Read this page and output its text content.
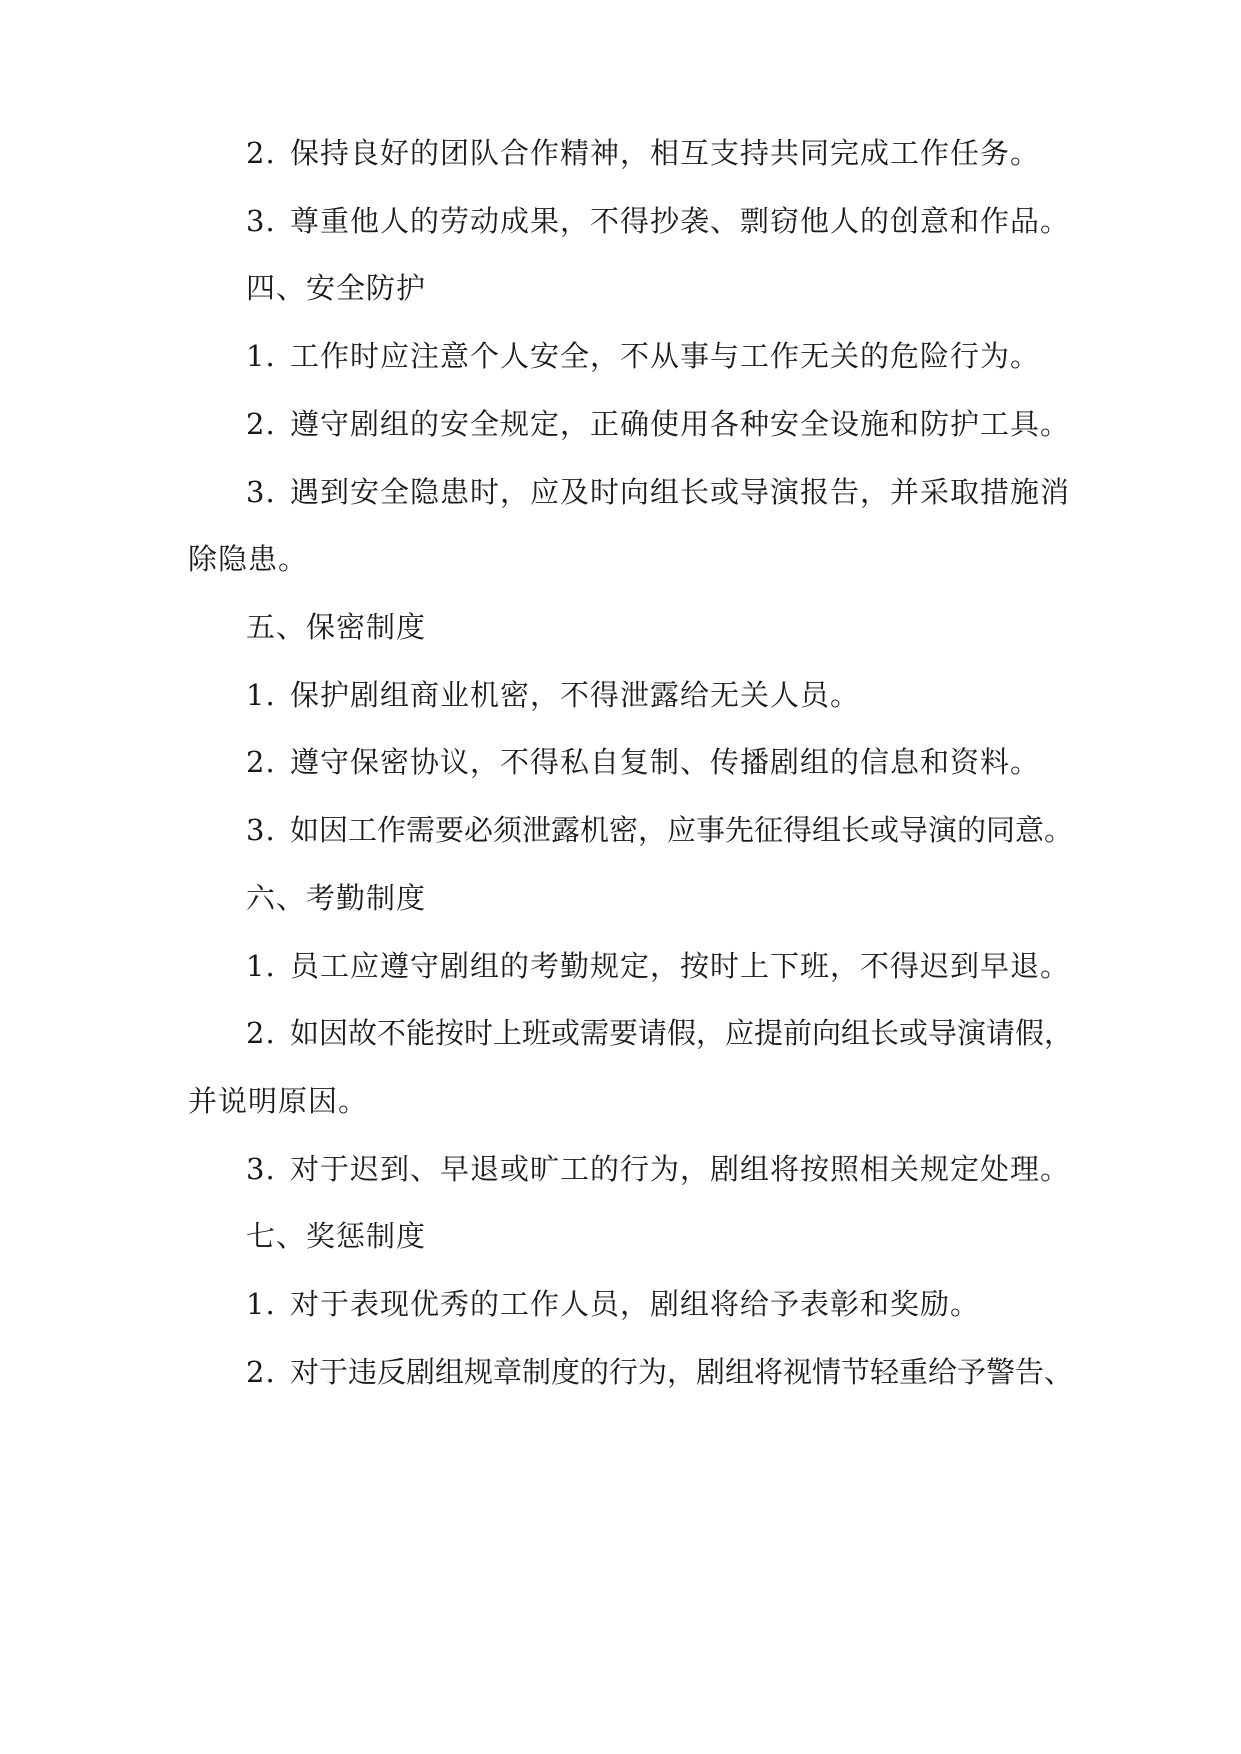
2. 保持良好的团队合作精神，相互支持共同完成工作任务。
3. 尊重他人的劳动成果，不得抄袭、剽窃他人的创意和作品。
四、安全防护
1. 工作时应注意个人安全，不从事与工作无关的危险行为。
2. 遵守剧组的安全规定，正确使用各种安全设施和防护工具。
3. 遇到安全隐患时，应及时向组长或导演报告，并采取措施消
除隐患。
五、保密制度
1. 保护剧组商业机密，不得泄露给无关人员。
2. 遵守保密协议，不得私自复制、传播剧组的信息和资料。
3. 如因工作需要必须泄露机密，应事先征得组长或导演的同意。
六、考勤制度
1. 员工应遵守剧组的考勤规定，按时上下班，不得迟到早退。
2. 如因故不能按时上班或需要请假，应提前向组长或导演请假，
并说明原因。
3. 对于迟到、早退或旷工的行为，剧组将按照相关规定处理。
七、奖惩制度
1. 对于表现优秀的工作人员，剧组将给予表彰和奖励。
2. 对于违反剧组规章制度的行为，剧组将视情节轻重给予警告、
